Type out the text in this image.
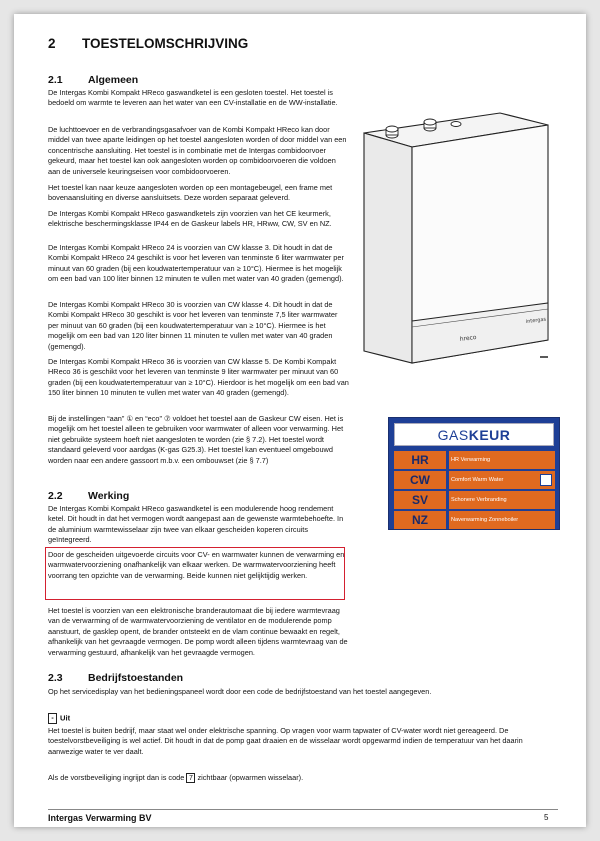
2 TOESTELOMSCHRIJVING
2.1 Algemeen
De Intergas Kombi Kompakt HReco gaswandketel is een gesloten toestel. Het toestel is bedoeld om warmte te leveren aan het water van een CV-installatie en de WW-installatie.
De luchttoevoer en de verbrandingsgasafvoer van de Kombi Kompakt HReco kan door middel van twee aparte leidingen op het toestel aangesloten worden of door middel van een concentrische aansluiting. Het toestel is in combinatie met de Intergas combidoorvoer gekeurd, maar het toestel kan ook aangesloten worden op combidoorvoeren die voldoen aan de universele keuringseisen voor combidoorvoeren.
Het toestel kan naar keuze aangesloten worden op een montagebeugel, een frame met bovenaansluiting en diverse aansluitsets. Deze worden separaat geleverd.
De Intergas Kombi Kompakt HReco gaswandketels zijn voorzien van het CE keurmerk, elektrische beschermingsklasse IP44 en de Gaskeur labels HR, HRww, CW, SV en NZ.
De Intergas Kombi Kompakt HReco 24 is voorzien van CW klasse 3. Dit houdt in dat de Kombi Kompakt HReco 24 geschikt is voor het leveren van tenminste 6 liter warmwater per minuut van 60 graden (bij een koudwatertemperatuur van ≥ 10°C). Hiermee is het mogelijk om een bad van 100 liter binnen 12 minuten te vullen met water van 40 graden (gemengd).
De Intergas Kombi Kompakt HReco 30 is voorzien van CW klasse 4. Dit houdt in dat de Kombi Kompakt HReco 30 geschikt is voor het leveren van tenminste 7,5 liter warmwater per minuut van 60 graden (bij een koudwatertemperatuur van ≥ 10°C). Hiermee is het mogelijk om een bad van 120 liter binnen 11 minuten te vullen met water van 40 graden (gemengd).
De Intergas Kombi Kompakt HReco 36 is voorzien van CW klasse 5. De Kombi Kompakt HReco 36 is geschikt voor het leveren van tenminste 9 liter warmwater per minuut van 60 graden (bij een koudwatertemperatuur van ≥ 10°C). Hierdoor is het mogelijk om een bad van 150 liter binnen 10 minuten te vullen met water van 40 graden (gemengd).
Bij de instellingen “aan” ① en “eco” ⑦ voldoet het toestel aan de Gaskeur CW eisen. Het is mogelijk om het toestel alleen te gebruiken voor warmwater of alleen voor verwarming. Het niet gebruikte systeem hoeft niet aangesloten te worden (zie § 7.2). Het toestel wordt standaard geleverd voor aardgas (K-gas G25.3). Het toestel kan eventueel omgebouwd worden naar een andere gassoort m.b.v. een ombouwset (zie § 7.7)
2.2 Werking
De Intergas Kombi Kompakt HReco gaswandketel is een modulerende hoog rendement ketel. Dit houdt in dat het vermogen wordt aangepast aan de gewenste warmtebehoefte. In de aluminium warmtewisselaar zijn twee van elkaar gescheiden koperen circuits geïntegreerd.
Door de gescheiden uitgevoerde circuits voor CV- en warmwater kunnen de verwarming en warmwatervoorziening onafhankelijk van elkaar werken. De warmwatervoorziening heeft voorrang ten opzichte van de verwarming. Beide kunnen niet gelijktijdig werken.
Het toestel is voorzien van een elektronische branderautomaat die bij iedere warmtevraag van de verwarming of de warmwatervoorziening de ventilator en de modulerende pomp aanstuurt, de gasklep opent, de brander ontsteekt en de vlam continue bewaakt en regelt, afhankelijk van het gevraagde vermogen. De pomp wordt alleen tijdens warmtevraag van de verwarming gestuurd, afhankelijk van het gevraagde vermogen.
2.3 Bedrijfstoestanden
Op het servicedisplay van het bedieningspaneel wordt door een code de bedrijfstoestand van het toestel aangegeven.
- Uit
Het toestel is buiten bedrijf, maar staat wel onder elektrische spanning. Op vragen voor warm tapwater of CV-water wordt niet gereageerd. De toestelvorstbeveiliging is wel actief. Dit houdt in dat de pomp gaat draaien en de wisselaar wordt opgewarmd indien de temperatuur van het daarin aanwezige water te ver daalt.
Als de vorstbeveiliging ingrijpt dan is code 7 zichtbaar (opwarmen wisselaar).
hreco
intergas
GASKEUR
HR	HR Verwarming
CW	Comfort Warm Water
SV	Schonere Verbranding
NZ	Naverwarming Zonneboiler
Intergas Verwarming BV	5
